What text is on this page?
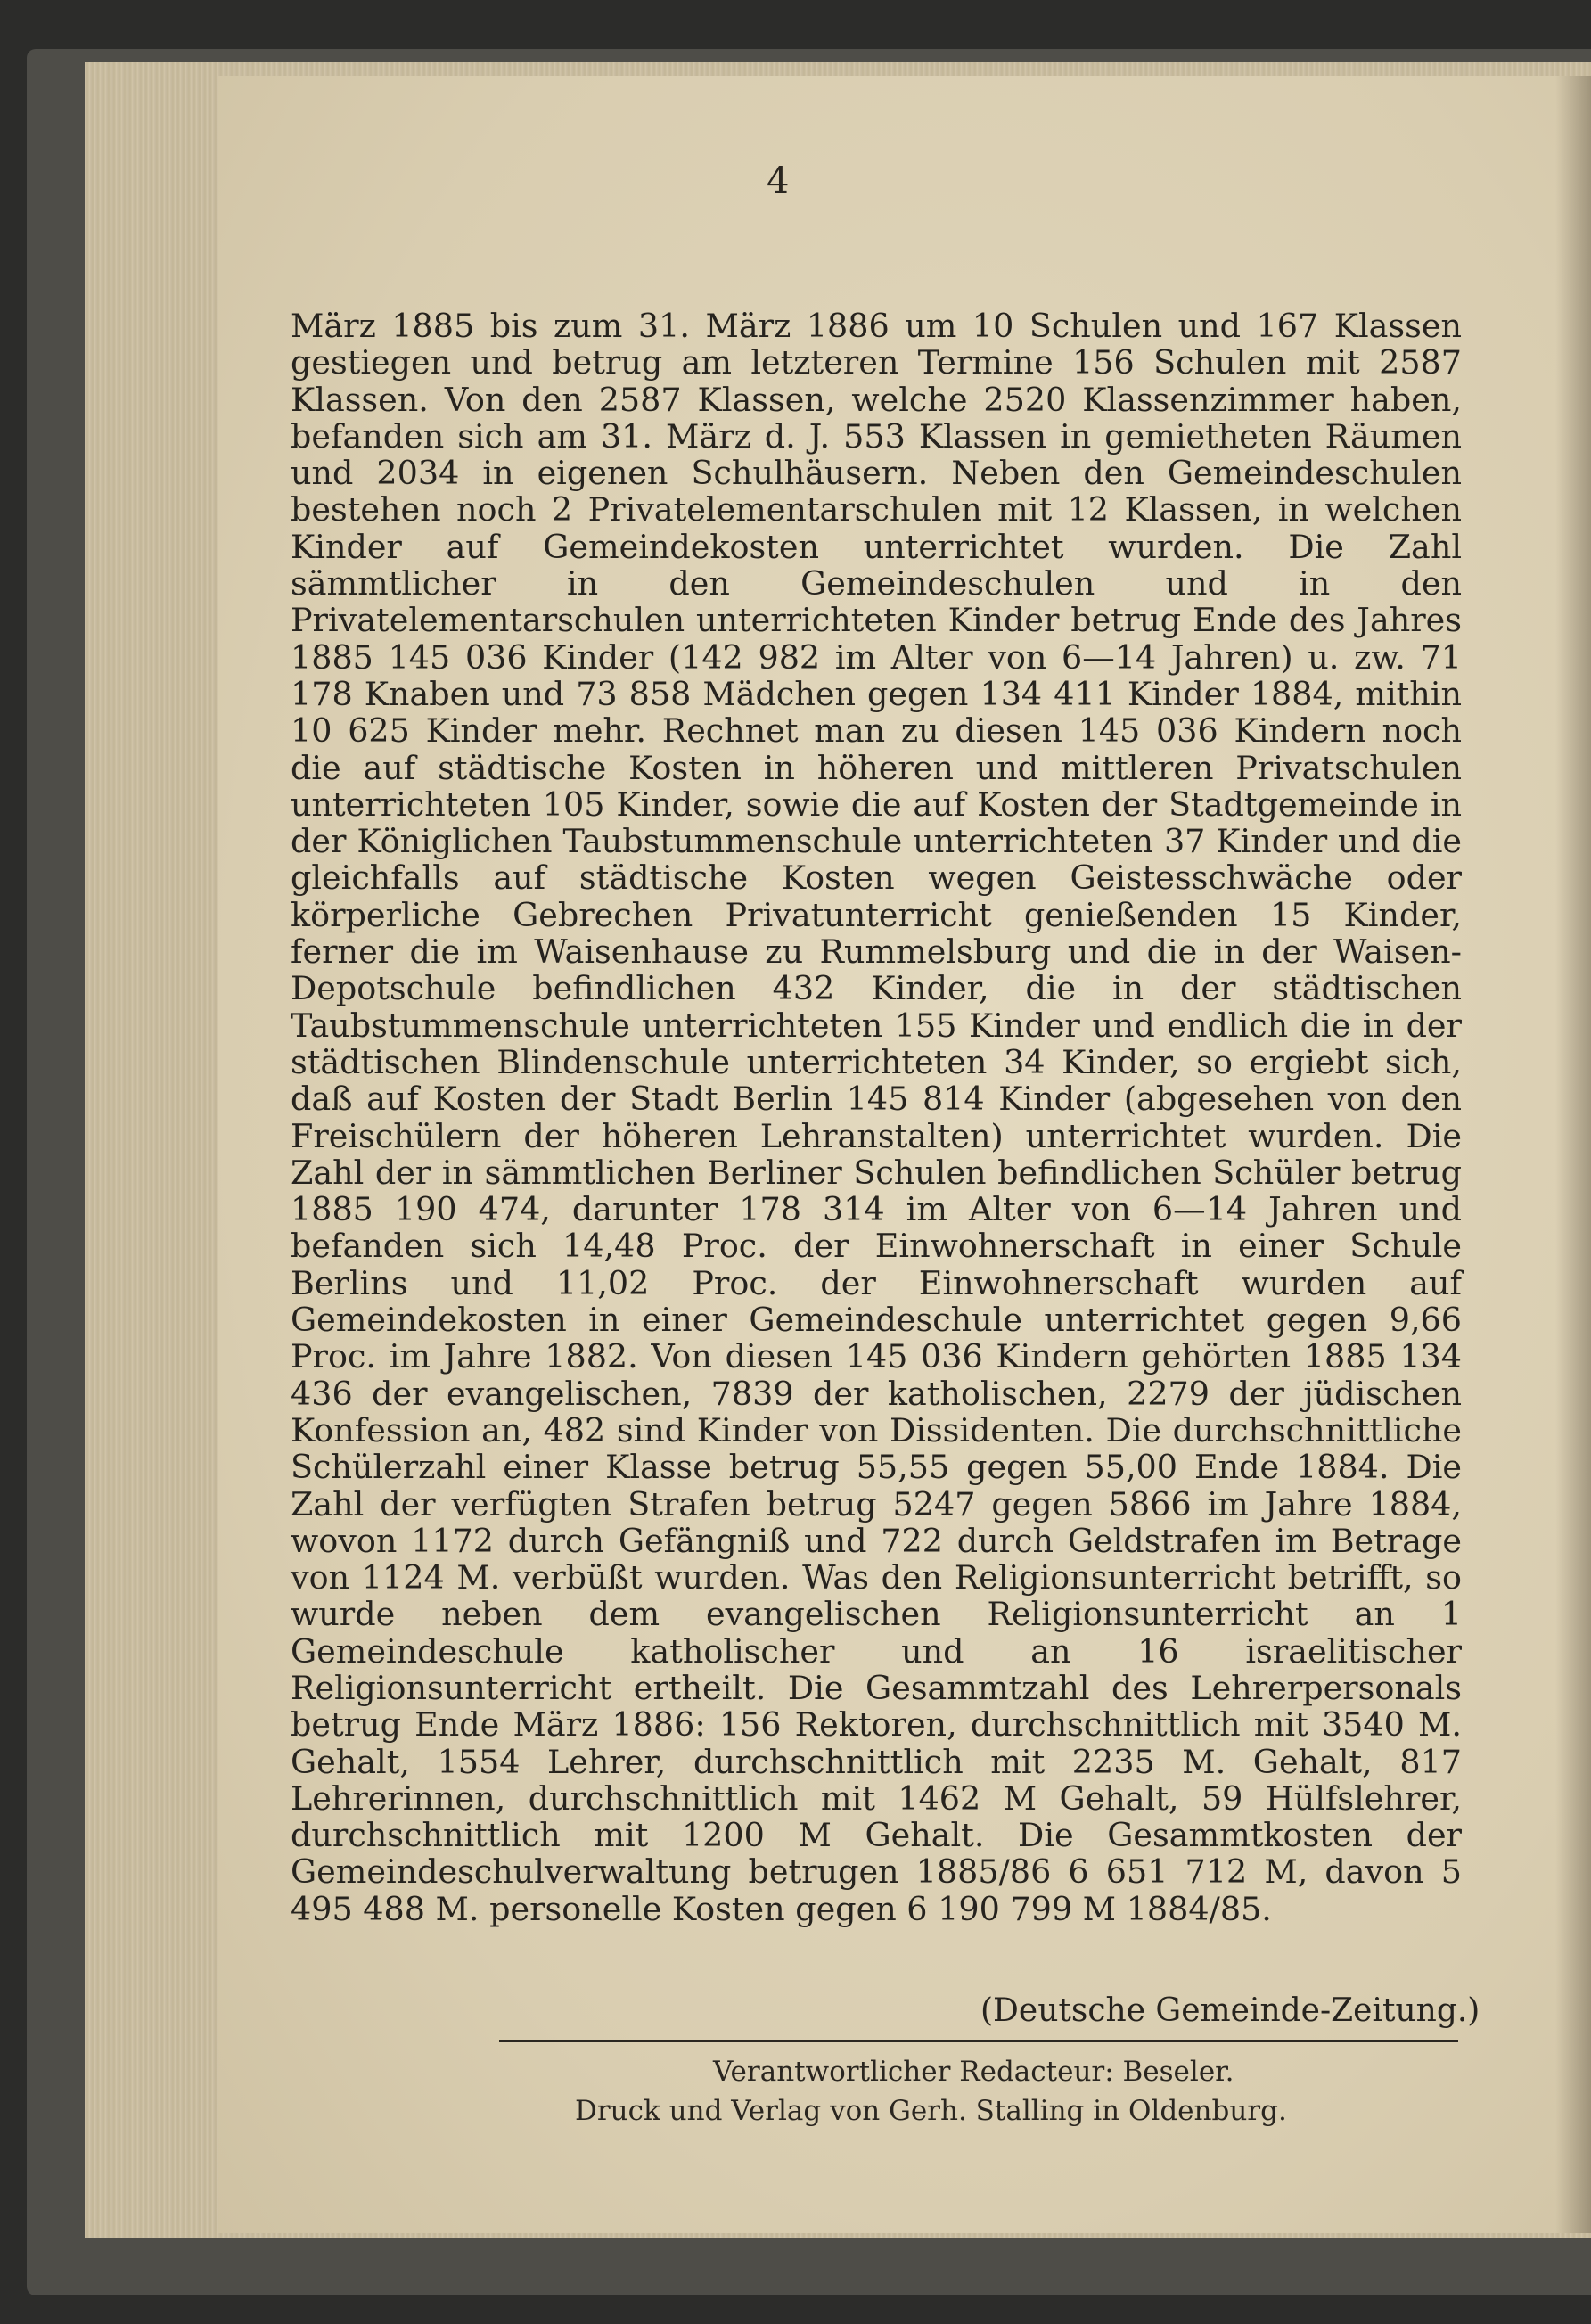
4

März 1885 bis zum 31. März 1886 um 10 Schulen und 167 Klassen gestiegen und betrug am letzteren Termine 156 Schulen mit 2587 Klassen. Von den 2587 Klassen, welche 2520 Klassenzimmer haben, befanden sich am 31. März d. J. 553 Klassen in gemietheten Räumen und 2034 in eigenen Schulhäusern. Neben den Gemeindeschulen bestehen noch 2 Privatelementarschulen mit 12 Klassen, in welchen Kinder auf Gemeindekosten unterrichtet wurden. Die Zahl sämmtlicher in den Gemeindeschulen und in den Privatelementarschulen unterrichteten Kinder betrug Ende des Jahres 1885 145 036 Kinder (142 982 im Alter von 6—14 Jahren) u. zw. 71 178 Knaben und 73 858 Mädchen gegen 134 411 Kinder 1884, mithin 10 625 Kinder mehr. Rechnet man zu diesen 145 036 Kindern noch die auf städtische Kosten in höheren und mittleren Privatschulen unterrichteten 105 Kinder, sowie die auf Kosten der Stadtgemeinde in der Königlichen Taubstummenschule unterrichteten 37 Kinder und die gleichfalls auf städtische Kosten wegen Geistesschwäche oder körperliche Gebrechen Privatunterricht genießenden 15 Kinder, ferner die im Waisenhause zu Rummelsburg und die in der Waisen-Depotschule befindlichen 432 Kinder, die in der städtischen Taubstummenschule unterrichteten 155 Kinder und endlich die in der städtischen Blindenschule unterrichteten 34 Kinder, so ergiebt sich, daß auf Kosten der Stadt Berlin 145 814 Kinder (abgesehen von den Freischülern der höheren Lehranstalten) unterrichtet wurden. Die Zahl der in sämmtlichen Berliner Schulen befindlichen Schüler betrug 1885 190 474, darunter 178 314 im Alter von 6—14 Jahren und befanden sich 14,48 Proc. der Einwohnerschaft in einer Schule Berlins und 11,02 Proc. der Einwohnerschaft wurden auf Gemeindekosten in einer Gemeindeschule unterrichtet gegen 9,66 Proc. im Jahre 1882. Von diesen 145 036 Kindern gehörten 1885 134 436 der evangelischen, 7839 der katholischen, 2279 der jüdischen Konfession an, 482 sind Kinder von Dissidenten. Die durchschnittliche Schülerzahl einer Klasse betrug 55,55 gegen 55,00 Ende 1884. Die Zahl der verfügten Strafen betrug 5247 gegen 5866 im Jahre 1884, wovon 1172 durch Gefängniß und 722 durch Geldstrafen im Betrage von 1124 M. verbüßt wurden. Was den Religionsunterricht betrifft, so wurde neben dem evangelischen Religionsunterricht an 1 Gemeindeschule katholischer und an 16 israelitischer Religionsunterricht ertheilt. Die Gesammtzahl des Lehrerpersonals betrug Ende März 1886: 156 Rektoren, durchschnittlich mit 3540 M. Gehalt, 1554 Lehrer, durchschnittlich mit 2235 M. Gehalt, 817 Lehrerinnen, durchschnittlich mit 1462 M Gehalt, 59 Hülfslehrer, durchschnittlich mit 1200 M Gehalt. Die Gesammtkosten der Gemeindeschulverwaltung betrugen 1885/86 6 651 712 M, davon 5 495 488 M. personelle Kosten gegen 6 190 799 M 1884/85.

(Deutsche Gemeinde-Zeitung.)

Verantwortlicher Redacteur: Beseler.

Druck und Verlag von Gerh. Stalling in Oldenburg.
